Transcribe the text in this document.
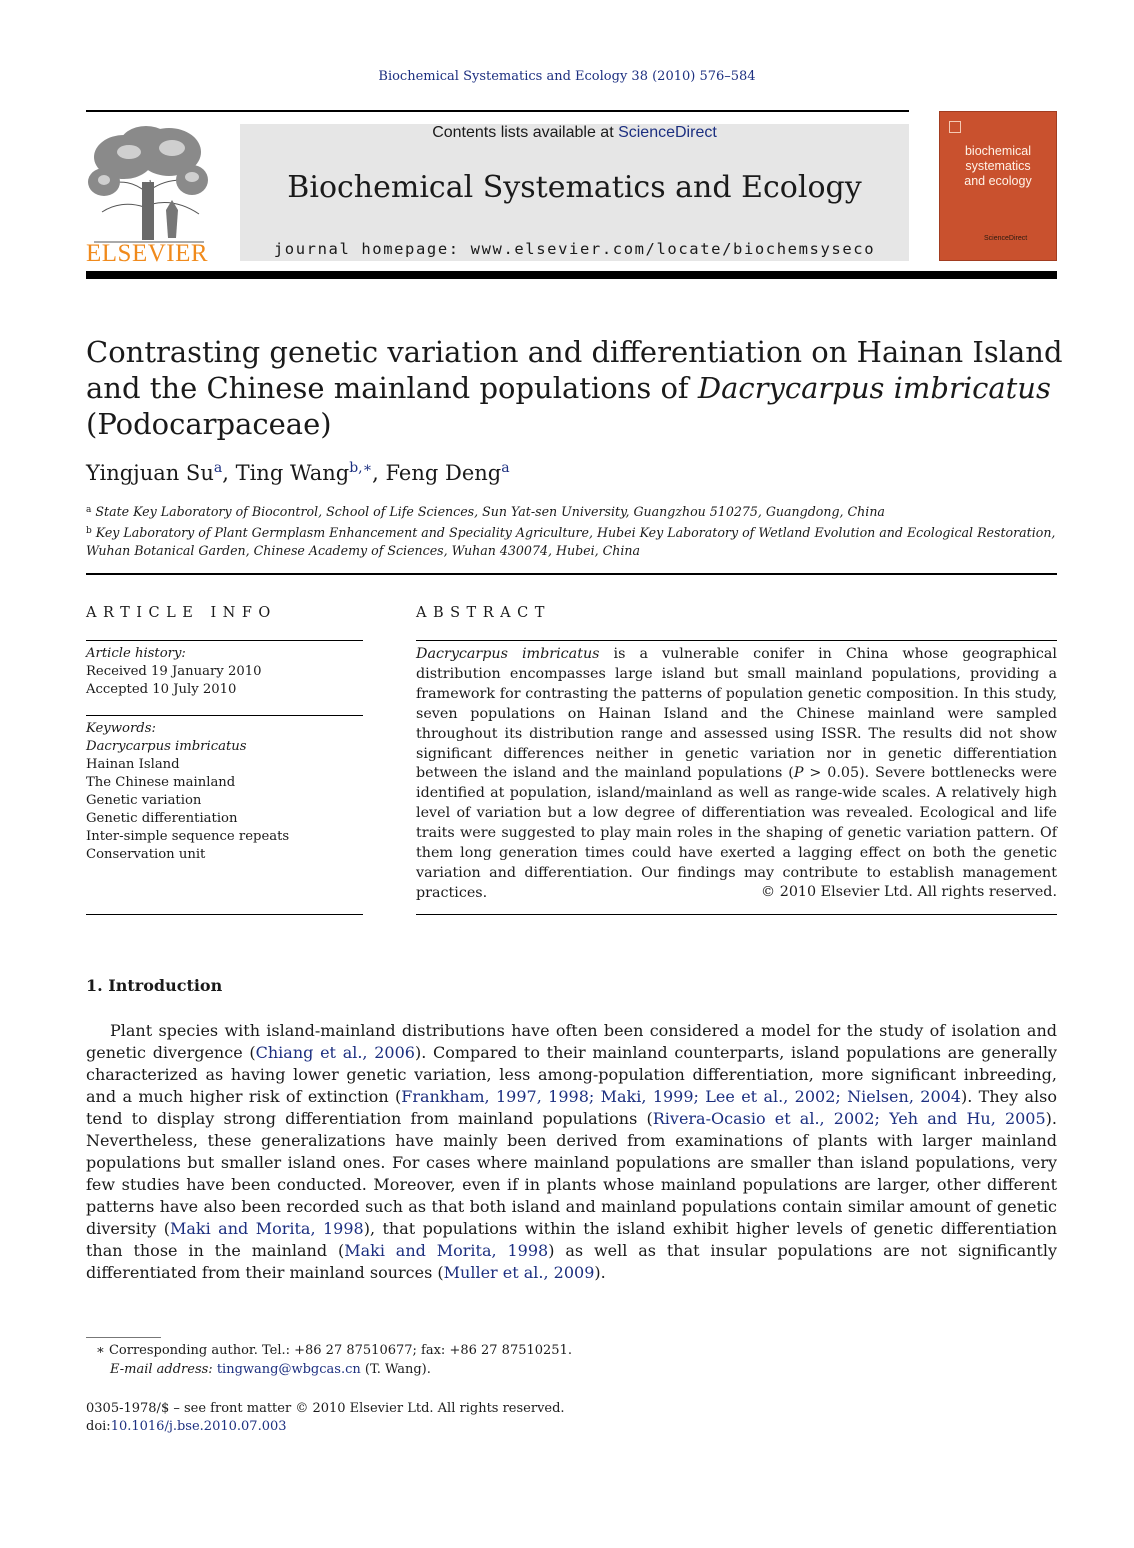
Biochemical Systematics and Ecology 38 (2010) 576–584
ELSEVIER
Contents lists available at ScienceDirect
Biochemical Systematics and Ecology
journal homepage: www.elsevier.com/locate/biochemsyseco
biochemical
systematics
and ecology
ScienceDirect
Contrasting genetic variation and differentiation on Hainan Island and the Chinese mainland populations of Dacrycarpus imbricatus (Podocarpaceae)
Yingjuan Su$^a$, Ting Wang$^{b,∗}$, Feng Deng$^a$
$^a$ State Key Laboratory of Biocontrol, School of Life Sciences, Sun Yat-sen University, Guangzhou 510275, Guangdong, China
$^b$ Key Laboratory of Plant Germplasm Enhancement and Speciality Agriculture, Hubei Key Laboratory of Wetland Evolution and Ecological Restoration, Wuhan Botanical Garden, Chinese Academy of Sciences, Wuhan 430074, Hubei, China
ARTICLE INFO
Article history:
Received 19 January 2010
Accepted 10 July 2010
Keywords:
Dacrycarpus imbricatus
Hainan Island
The Chinese mainland
Genetic variation
Genetic differentiation
Inter-simple sequence repeats
Conservation unit
ABSTRACT
Dacrycarpus imbricatus is a vulnerable conifer in China whose geographical distribution encompasses large island but small mainland populations, providing a framework for contrasting the patterns of population genetic composition. In this study, seven populations on Hainan Island and the Chinese mainland were sampled throughout its distribution range and assessed using ISSR. The results did not show significant differences neither in genetic variation nor in genetic differentiation between the island and the mainland populations (P > 0.05). Severe bottlenecks were identified at population, island/mainland as well as range-wide scales. A relatively high level of variation but a low degree of differentiation was revealed. Ecological and life traits were suggested to play main roles in the shaping of genetic variation pattern. Of them long generation times could have exerted a lagging effect on both the genetic variation and differentiation. Our findings may contribute to establish management practices.	© 2010 Elsevier Ltd. All rights reserved.
1. Introduction
Plant species with island-mainland distributions have often been considered a model for the study of isolation and genetic divergence (Chiang et al., 2006). Compared to their mainland counterparts, island populations are generally characterized as having lower genetic variation, less among-population differentiation, more significant inbreeding, and a much higher risk of extinction (Frankham, 1997, 1998; Maki, 1999; Lee et al., 2002; Nielsen, 2004). They also tend to display strong differentiation from mainland populations (Rivera-Ocasio et al., 2002; Yeh and Hu, 2005). Nevertheless, these generalizations have mainly been derived from examinations of plants with larger mainland populations but smaller island ones. For cases where mainland populations are smaller than island populations, very few studies have been conducted. Moreover, even if in plants whose mainland populations are larger, other different patterns have also been recorded such as that both island and mainland populations contain similar amount of genetic diversity (Maki and Morita, 1998), that populations within the island exhibit higher levels of genetic differentiation than those in the mainland (Maki and Morita, 1998) as well as that insular populations are not significantly differentiated from their mainland sources (Muller et al., 2009).
∗ Corresponding author. Tel.: +86 27 87510677; fax: +86 27 87510251.
E-mail address: tingwang@wbgcas.cn (T. Wang).
0305-1978/$ – see front matter © 2010 Elsevier Ltd. All rights reserved.
doi:10.1016/j.bse.2010.07.003
